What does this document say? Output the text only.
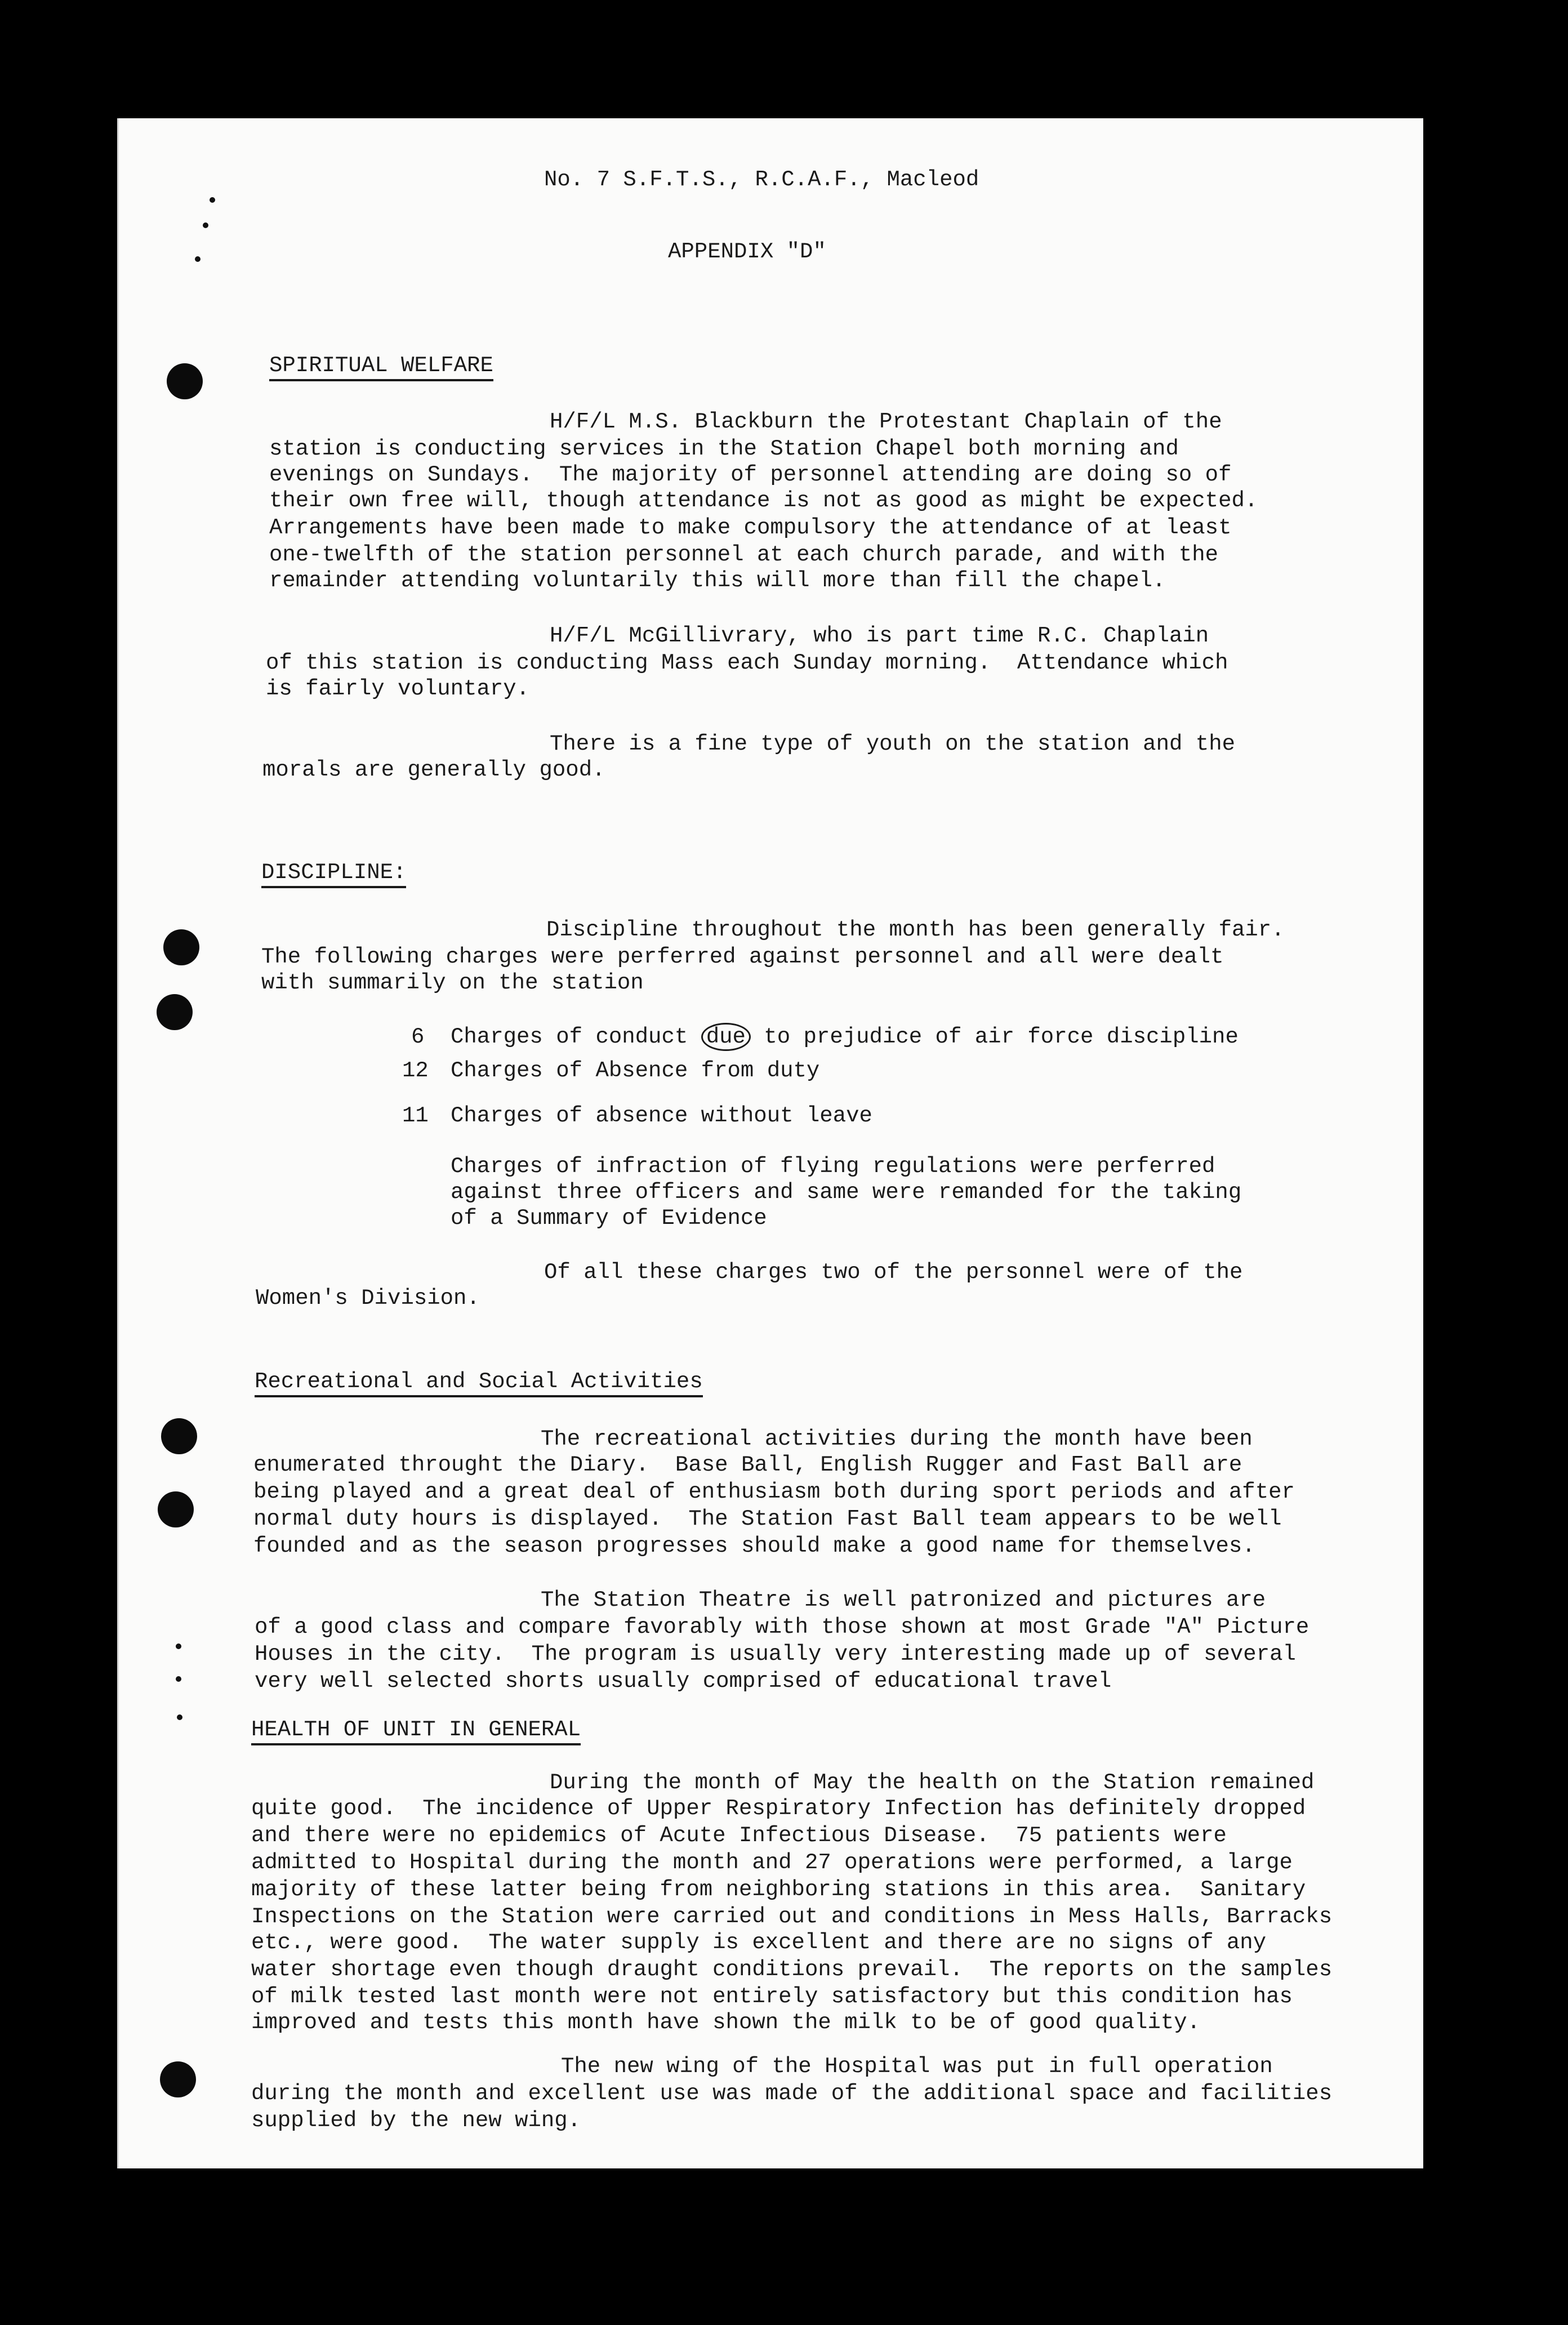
No. 7 S.F.T.S., R.C.A.F., Macleod
APPENDIX "D"
SPIRITUAL WELFARE
H/F/L M.S. Blackburn the Protestant Chaplain of the
station is conducting services in the Station Chapel both morning and
evenings on Sundays.  The majority of personnel attending are doing so of
their own free will, though attendance is not as good as might be expected.
Arrangements have been made to make compulsory the attendance of at least
one-twelfth of the station personnel at each church parade, and with the
remainder attending voluntarily this will more than fill the chapel.
H/F/L McGillivrary, who is part time R.C. Chaplain
of this station is conducting Mass each Sunday morning.  Attendance which
is fairly voluntary.
There is a fine type of youth on the station and the
morals are generally good.
DISCIPLINE:
Discipline throughout the month has been generally fair.
The following charges were perferred against personnel and all were dealt
with summarily on the station
6 Charges of conduct due to prejudice of air force discipline
12 Charges of Absence from duty
11 Charges of absence without leave
Charges of infraction of flying regulations were perferred
against three officers and same were remanded for the taking
of a Summary of Evidence
Of all these charges two of the personnel were of the
Women's Division.
Recreational and Social Activities
The recreational activities during the month have been
enumerated throught the Diary.  Base Ball, English Rugger and Fast Ball are
being played and a great deal of enthusiasm both during sport periods and after
normal duty hours is displayed.  The Station Fast Ball team appears to be well
founded and as the season progresses should make a good name for themselves.
The Station Theatre is well patronized and pictures are
of a good class and compare favorably with those shown at most Grade "A" Picture
Houses in the city.  The program is usually very interesting made up of several
very well selected shorts usually comprised of educational travel
HEALTH OF UNIT IN GENERAL
During the month of May the health on the Station remained
quite good.  The incidence of Upper Respiratory Infection has definitely dropped
and there were no epidemics of Acute Infectious Disease.  75 patients were
admitted to Hospital during the month and 27 operations were performed, a large
majority of these latter being from neighboring stations in this area.  Sanitary
Inspections on the Station were carried out and conditions in Mess Halls, Barracks
etc., were good.  The water supply is excellent and there are no signs of any
water shortage even though draught conditions prevail.  The reports on the samples
of milk tested last month were not entirely satisfactory but this condition has
improved and tests this month have shown the milk to be of good quality.
The new wing of the Hospital was put in full operation
during the month and excellent use was made of the additional space and facilities
supplied by the new wing.
